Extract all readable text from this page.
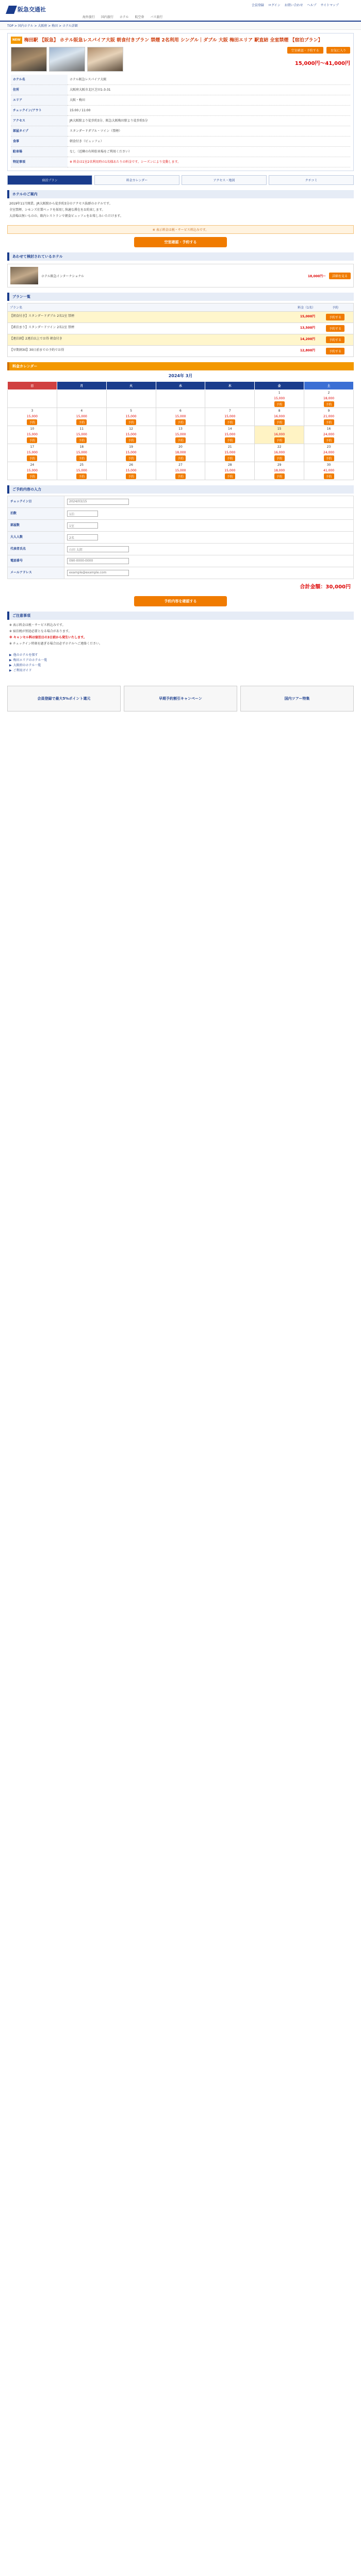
阪急交通社
会員登録 ログイン お問い合わせ ヘルプ サイトマップ
海外旅行 国内旅行 ホテル 航空券 バス旅行
TOP > 国内ホテル > 大阪府 > 梅田 > ホテル詳細
NEW 梅田駅 【阪急】 ホテル阪急レスパイア大阪 朝食付きプラン 禁煙 2名利用 シングル｜ダブル 大阪 梅田エリア 駅直結 全室禁煙 【宿泊プラン】
空室確認・予約する	お気に入り
15,000円～41,000円
ホテル名	ホテル阪急レスパイア大阪
住所	大阪府大阪市北区芝田1-3-31
エリア	大阪・梅田
チェックイン/アウト	15:00 / 11:00
アクセス	JR大阪駅より徒歩約3分、阪急大阪梅田駅より徒歩約5分
部屋タイプ	スタンダードダブル・ツイン（禁煙）
食事	朝食付き（ビュッフェ）
駐車場	なし（近隣の有料駐車場をご利用ください）
特記事項	※ 料金は1室2名利用時の1名様あたりの料金です。シーズンにより変動します。
宿泊プラン	料金カレンダー	アクセス・地図	クチコミ
ホテルのご案内

2019年11月開業。JR大阪駅から徒歩約3分のアクセス抜群のホテルです。

全室禁煙、シモンズ社製ベッドを採用し快適な滞在をお約束します。

大浴場は無いものの、館内レストランで朝食ビュッフェをお楽しみいただけます。

※ 表示料金は税・サービス料込みです。
空室確認・予約する
あわせて検討されているホテル
ホテル阪急インターナショナル	18,000円～	詳細を見る
プラン一覧
プラン名	料金（1名）	予約
【朝食付き】スタンダードダブル 2名1室 禁煙	15,000円	予約する
【素泊まり】スタンダードツイン 2名1室 禁煙	13,500円	予約する
【連泊割】2連泊以上でお得 朝食付き	14,200円	予約する
【早期割30】30日前までの予約でお得	12,800円	予約する
料金カレンダー
2024年 3月
日	月	火	水	木	金	土
					1
15,000
予約	2
18,000
予約
3
15,000
予約	4
15,000
予約	5
15,000
予約	6
15,000
予約	7
15,000
予約	8
16,000
予約	9
21,000
予約
10
15,000
予約	11
15,000
予約	12
15,000
予約	13
15,000
予約	14
15,000
予約	15
16,000
予約	16
24,000
予約
17
15,000
予約	18
15,000
予約	19
15,000
予約	20
18,000
予約	21
15,000
予約	22
16,000
予約	23
24,000
予約
24
15,000
予約	25
15,000
予約	26
15,000
予約	27
15,000
予約	28
15,000
予約	29
18,000
予約	30
41,000
予約
ご予約内容の入力
チェックイン日	2024/03/15
泊数	1泊
部屋数	1室
大人人数	2名
代表者氏名	山田 太郎
電話番号	090-0000-0000
メールアドレス	example@example.com
合計金額：30,000円
予約内容を確認する
ご注意事項

※ 表示料金は税・サービス料込みです。

※ 宿泊税が別途必要となる場合があります。

※ キャンセル料は宿泊日の3日前から発生いたします。

※ チェックイン時刻を過ぎる場合は必ずホテルへご連絡ください。

▶ 他のホテルを探す
▶ 梅田エリアのホテル一覧
▶ 大阪府のホテル一覧
▶ ご利用ガイド
会員登録で最大5%ポイント還元	早期予約割引キャンペーン	国内ツアー特集
